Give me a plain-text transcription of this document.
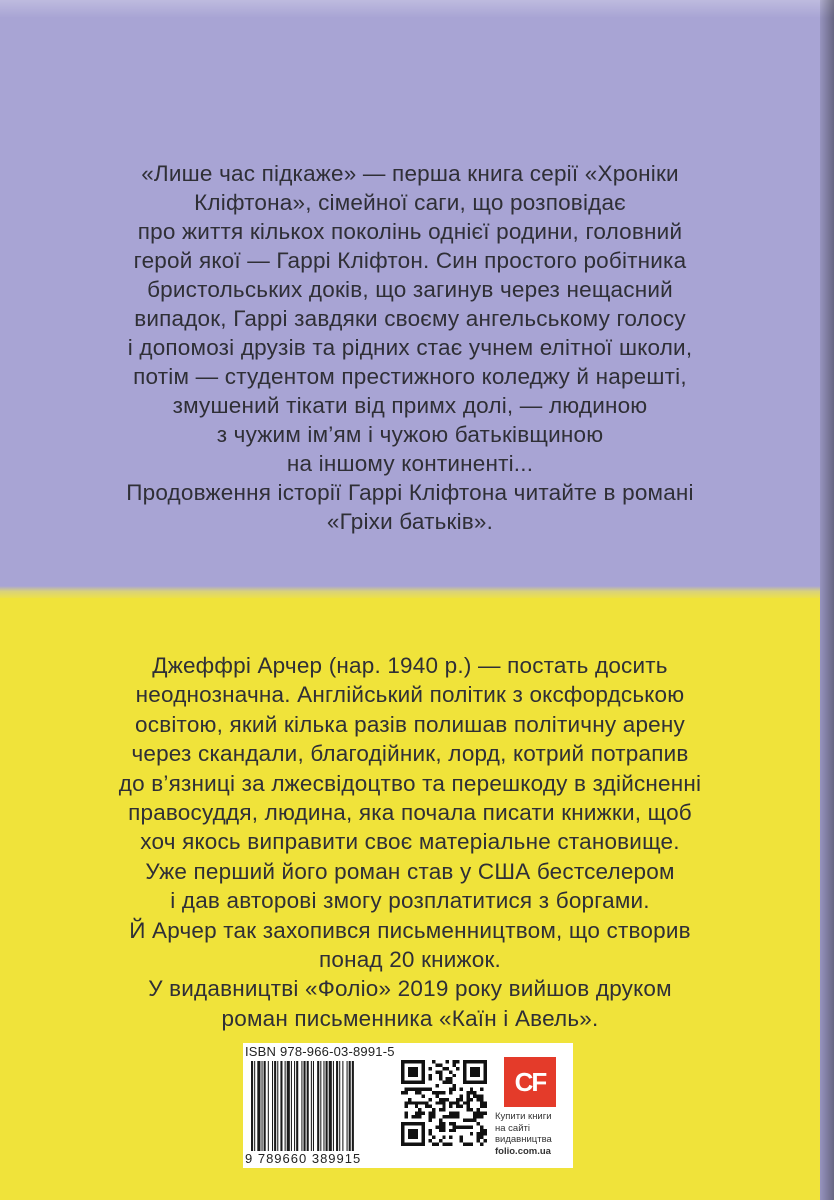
«Лише час підкаже» — перша книга серії «Хроніки
Кліфтона», сімейної саги, що розповідає
про життя кількох поколінь однієї родини, головний
герой якої — Гаррі Кліфтон. Син простого робітника
бристольських доків, що загинув через нещасний
випадок, Гаррі завдяки своєму ангельському голосу
і допомозі друзів та рідних стає учнем елітної школи,
потім — студентом престижного коледжу й нарешті,
змушений тікати від примх долі, — людиною
з чужим ім’ям і чужою батьківщиною
на іншому континенті...
Продовження історії Гаррі Кліфтона читайте в романі
«Гріхи батьків».
Джеффрі Арчер (нар. 1940 р.) — постать досить
неоднозначна. Англійський політик з оксфордською
освітою, який кілька разів полишав політичну арену
через скандали, благодійник, лорд, котрий потрапив
до в’язниці за лжесвідоцтво та перешкоду в здійсненні
правосуддя, людина, яка почала писати книжки, щоб
хоч якось виправити своє матеріальне становище.
Уже перший його роман став у США бестселером
і дав авторові змогу розплатитися з боргами.
Й Арчер так захопився письменництвом, що створив
понад 20 книжок.
У видавництві «Фоліо» 2019 року вийшов друком
роман письменника «Каїн і Авель».
ISBN 978-966-03-8991-5
9 789660 389915
CF
Купити книги
на сайті
видавництва
folio.com.ua
